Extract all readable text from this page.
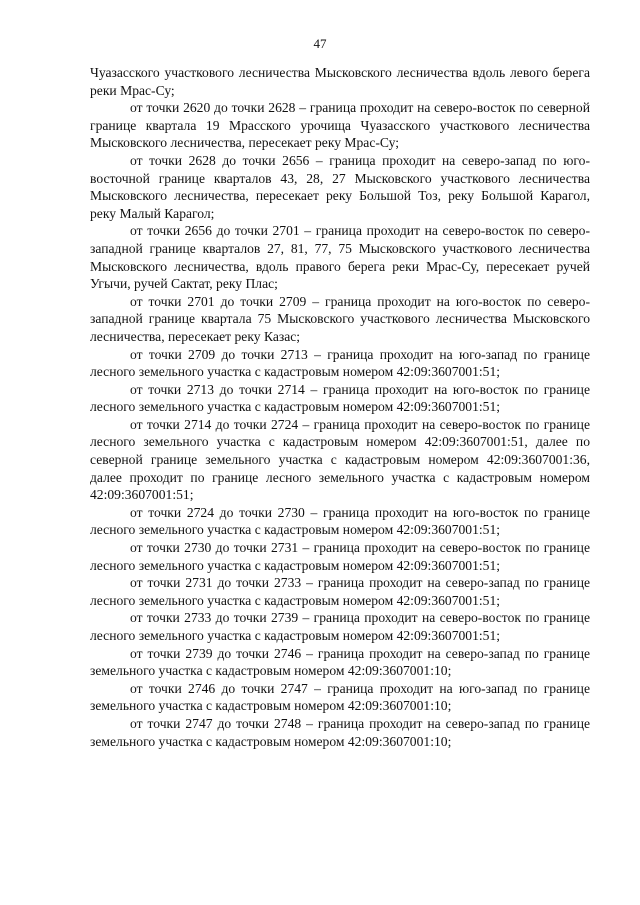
47

Чуазасского участкового лесничества Мысковского лесничества вдоль левого берега реки Мрас-Су;

от точки 2620 до точки 2628 – граница проходит на северо-восток по северной границе квартала 19 Мрасского урочища Чуазасского участкового лесничества Мысковского лесничества, пересекает реку Мрас-Су;

от точки 2628 до точки 2656 – граница проходит на северо-запад по юго-восточной границе кварталов 43, 28, 27 Мысковского участкового лесничества Мысковского лесничества, пересекает реку Большой Тоз, реку Большой Карагол, реку Малый Карагол;

от точки 2656 до точки 2701 – граница проходит на северо-восток по северо-западной границе кварталов 27, 81, 77, 75 Мысковского участкового лесничества Мысковского лесничества, вдоль правого берега реки Мрас-Су, пересекает ручей Угычи, ручей Сактат, реку Плас;

от точки 2701 до точки 2709 – граница проходит на юго-восток по северо-западной границе квартала 75 Мысковского участкового лесничества Мысковского лесничества, пересекает реку Казас;

от точки 2709 до точки 2713 – граница проходит на юго-запад по границе лесного земельного участка с кадастровым номером 42:09:3607001:51;

от точки 2713 до точки 2714 – граница проходит на юго-восток по границе лесного земельного участка с кадастровым номером 42:09:3607001:51;

от точки 2714 до точки 2724 – граница проходит на северо-восток по границе лесного земельного участка с кадастровым номером 42:09:3607001:51, далее по северной границе земельного участка с кадастровым номером 42:09:3607001:36, далее проходит по границе лесного земельного участка с кадастровым номером 42:09:3607001:51;

от точки 2724 до точки 2730 – граница проходит на юго-восток по границе лесного земельного участка с кадастровым номером 42:09:3607001:51;

от точки 2730 до точки 2731 – граница проходит на северо-восток по границе лесного земельного участка с кадастровым номером 42:09:3607001:51;

от точки 2731 до точки 2733 – граница проходит на северо-запад по границе лесного земельного участка с кадастровым номером 42:09:3607001:51;

от точки 2733 до точки 2739 – граница проходит на северо-восток по границе лесного земельного участка с кадастровым номером 42:09:3607001:51;

от точки 2739 до точки 2746 – граница проходит на северо-запад по границе земельного участка с кадастровым номером 42:09:3607001:10;

от точки 2746 до точки 2747 – граница проходит на юго-запад по границе земельного участка с кадастровым номером 42:09:3607001:10;

от точки 2747 до точки 2748 – граница проходит на северо-запад по границе земельного участка с кадастровым номером 42:09:3607001:10;
